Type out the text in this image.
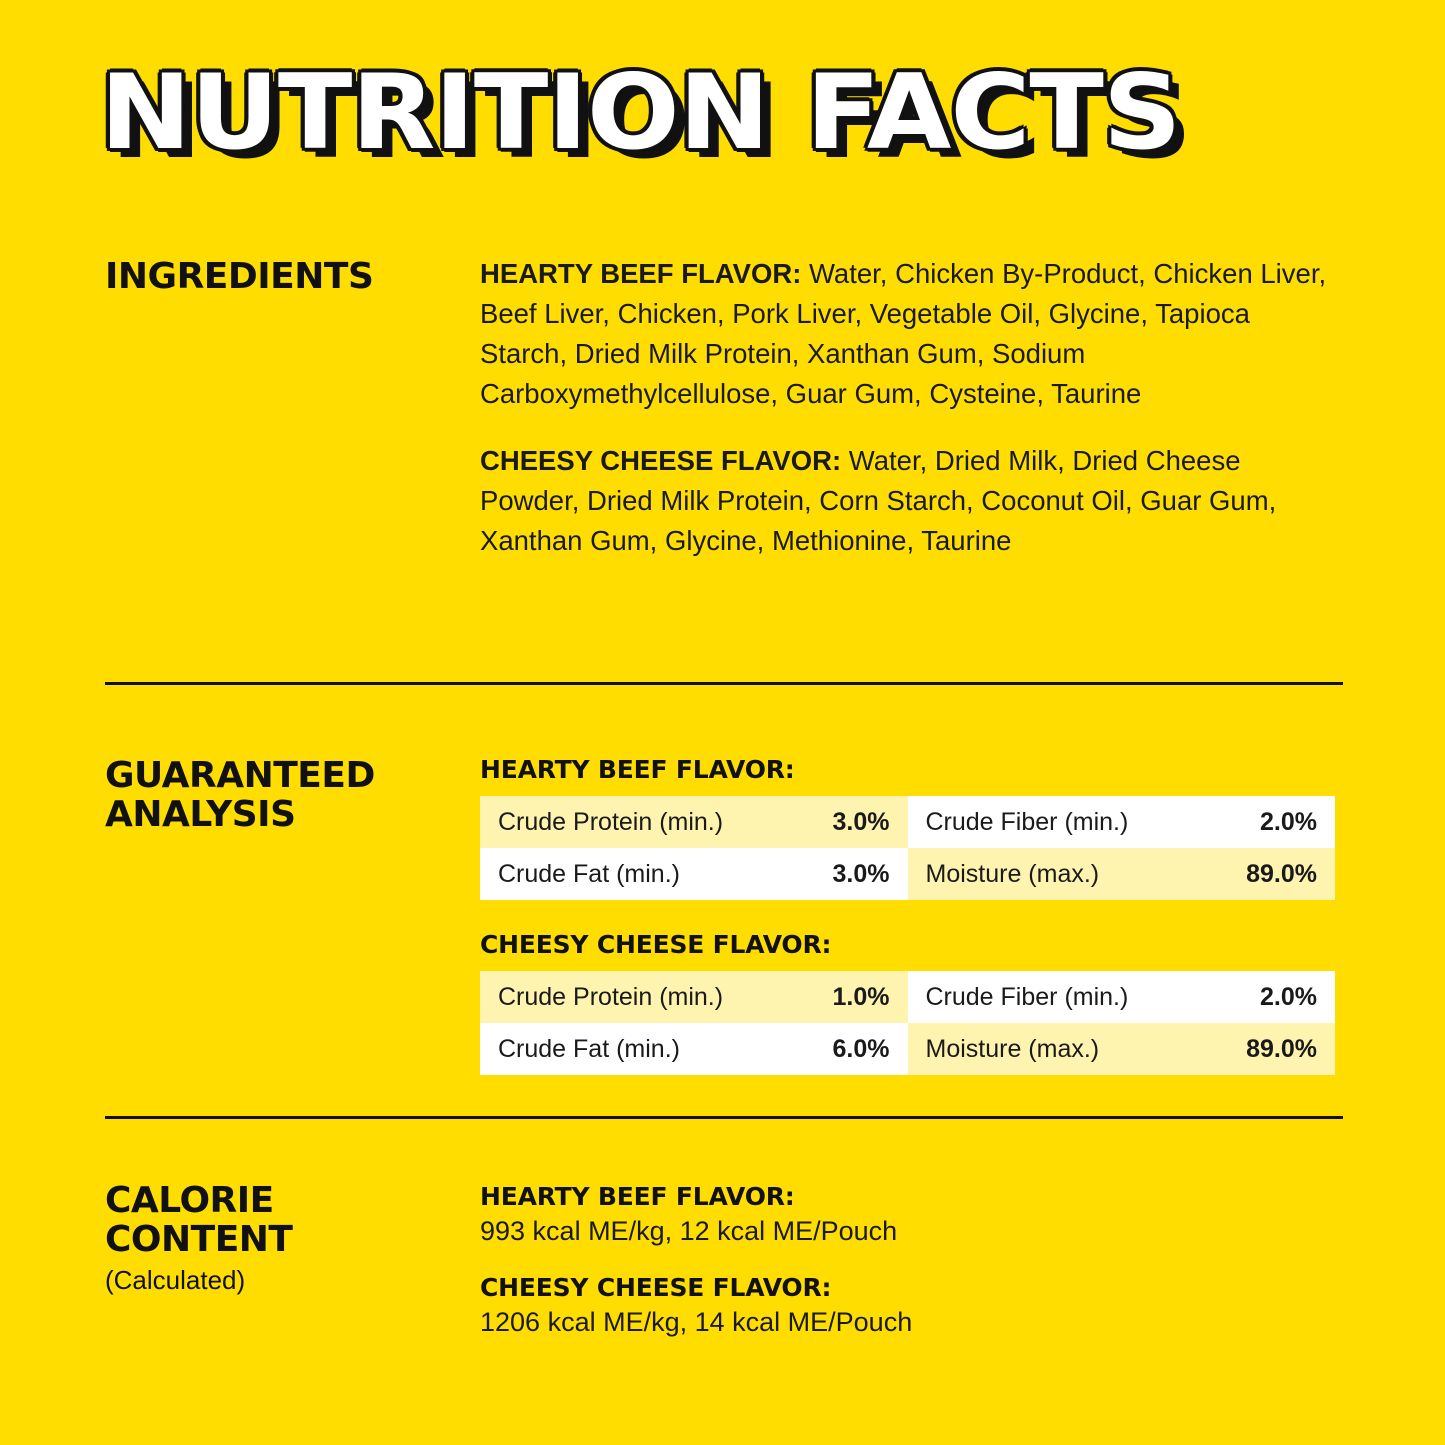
NUTRITION FACTS
INGREDIENTS	HEARTY BEEF FLAVOR: Water, Chicken By-Product, Chicken Liver, Beef Liver, Chicken, Pork Liver, Vegetable Oil, Glycine, Tapioca Starch, Dried Milk Protein, Xanthan Gum, Sodium Carboxymethylcellulose, Guar Gum, Cysteine, Taurine

CHEESY CHEESE FLAVOR: Water, Dried Milk, Dried Cheese Powder, Dried Milk Protein, Corn Starch, Coconut Oil, Guar Gum, Xanthan Gum, Glycine, Methionine, Taurine

GUARANTEED
ANALYSIS
HEARTY BEEF FLAVOR:
Crude Protein (min.)	3.0% Crude Fiber (min.)	2.0%
Crude Fat (min.)	3.0% Moisture (max.)	89.0%
CHEESY CHEESE FLAVOR:
Crude Protein (min.)	1.0% Crude Fiber (min.)	2.0%
Crude Fat (min.)	6.0% Moisture (max.)	89.0%
CALORIE
CONTENT
(Calculated)
HEARTY BEEF FLAVOR:
993 kcal ME/kg, 12 kcal ME/Pouch
CHEESY CHEESE FLAVOR:
1206 kcal ME/kg, 14 kcal ME/Pouch
